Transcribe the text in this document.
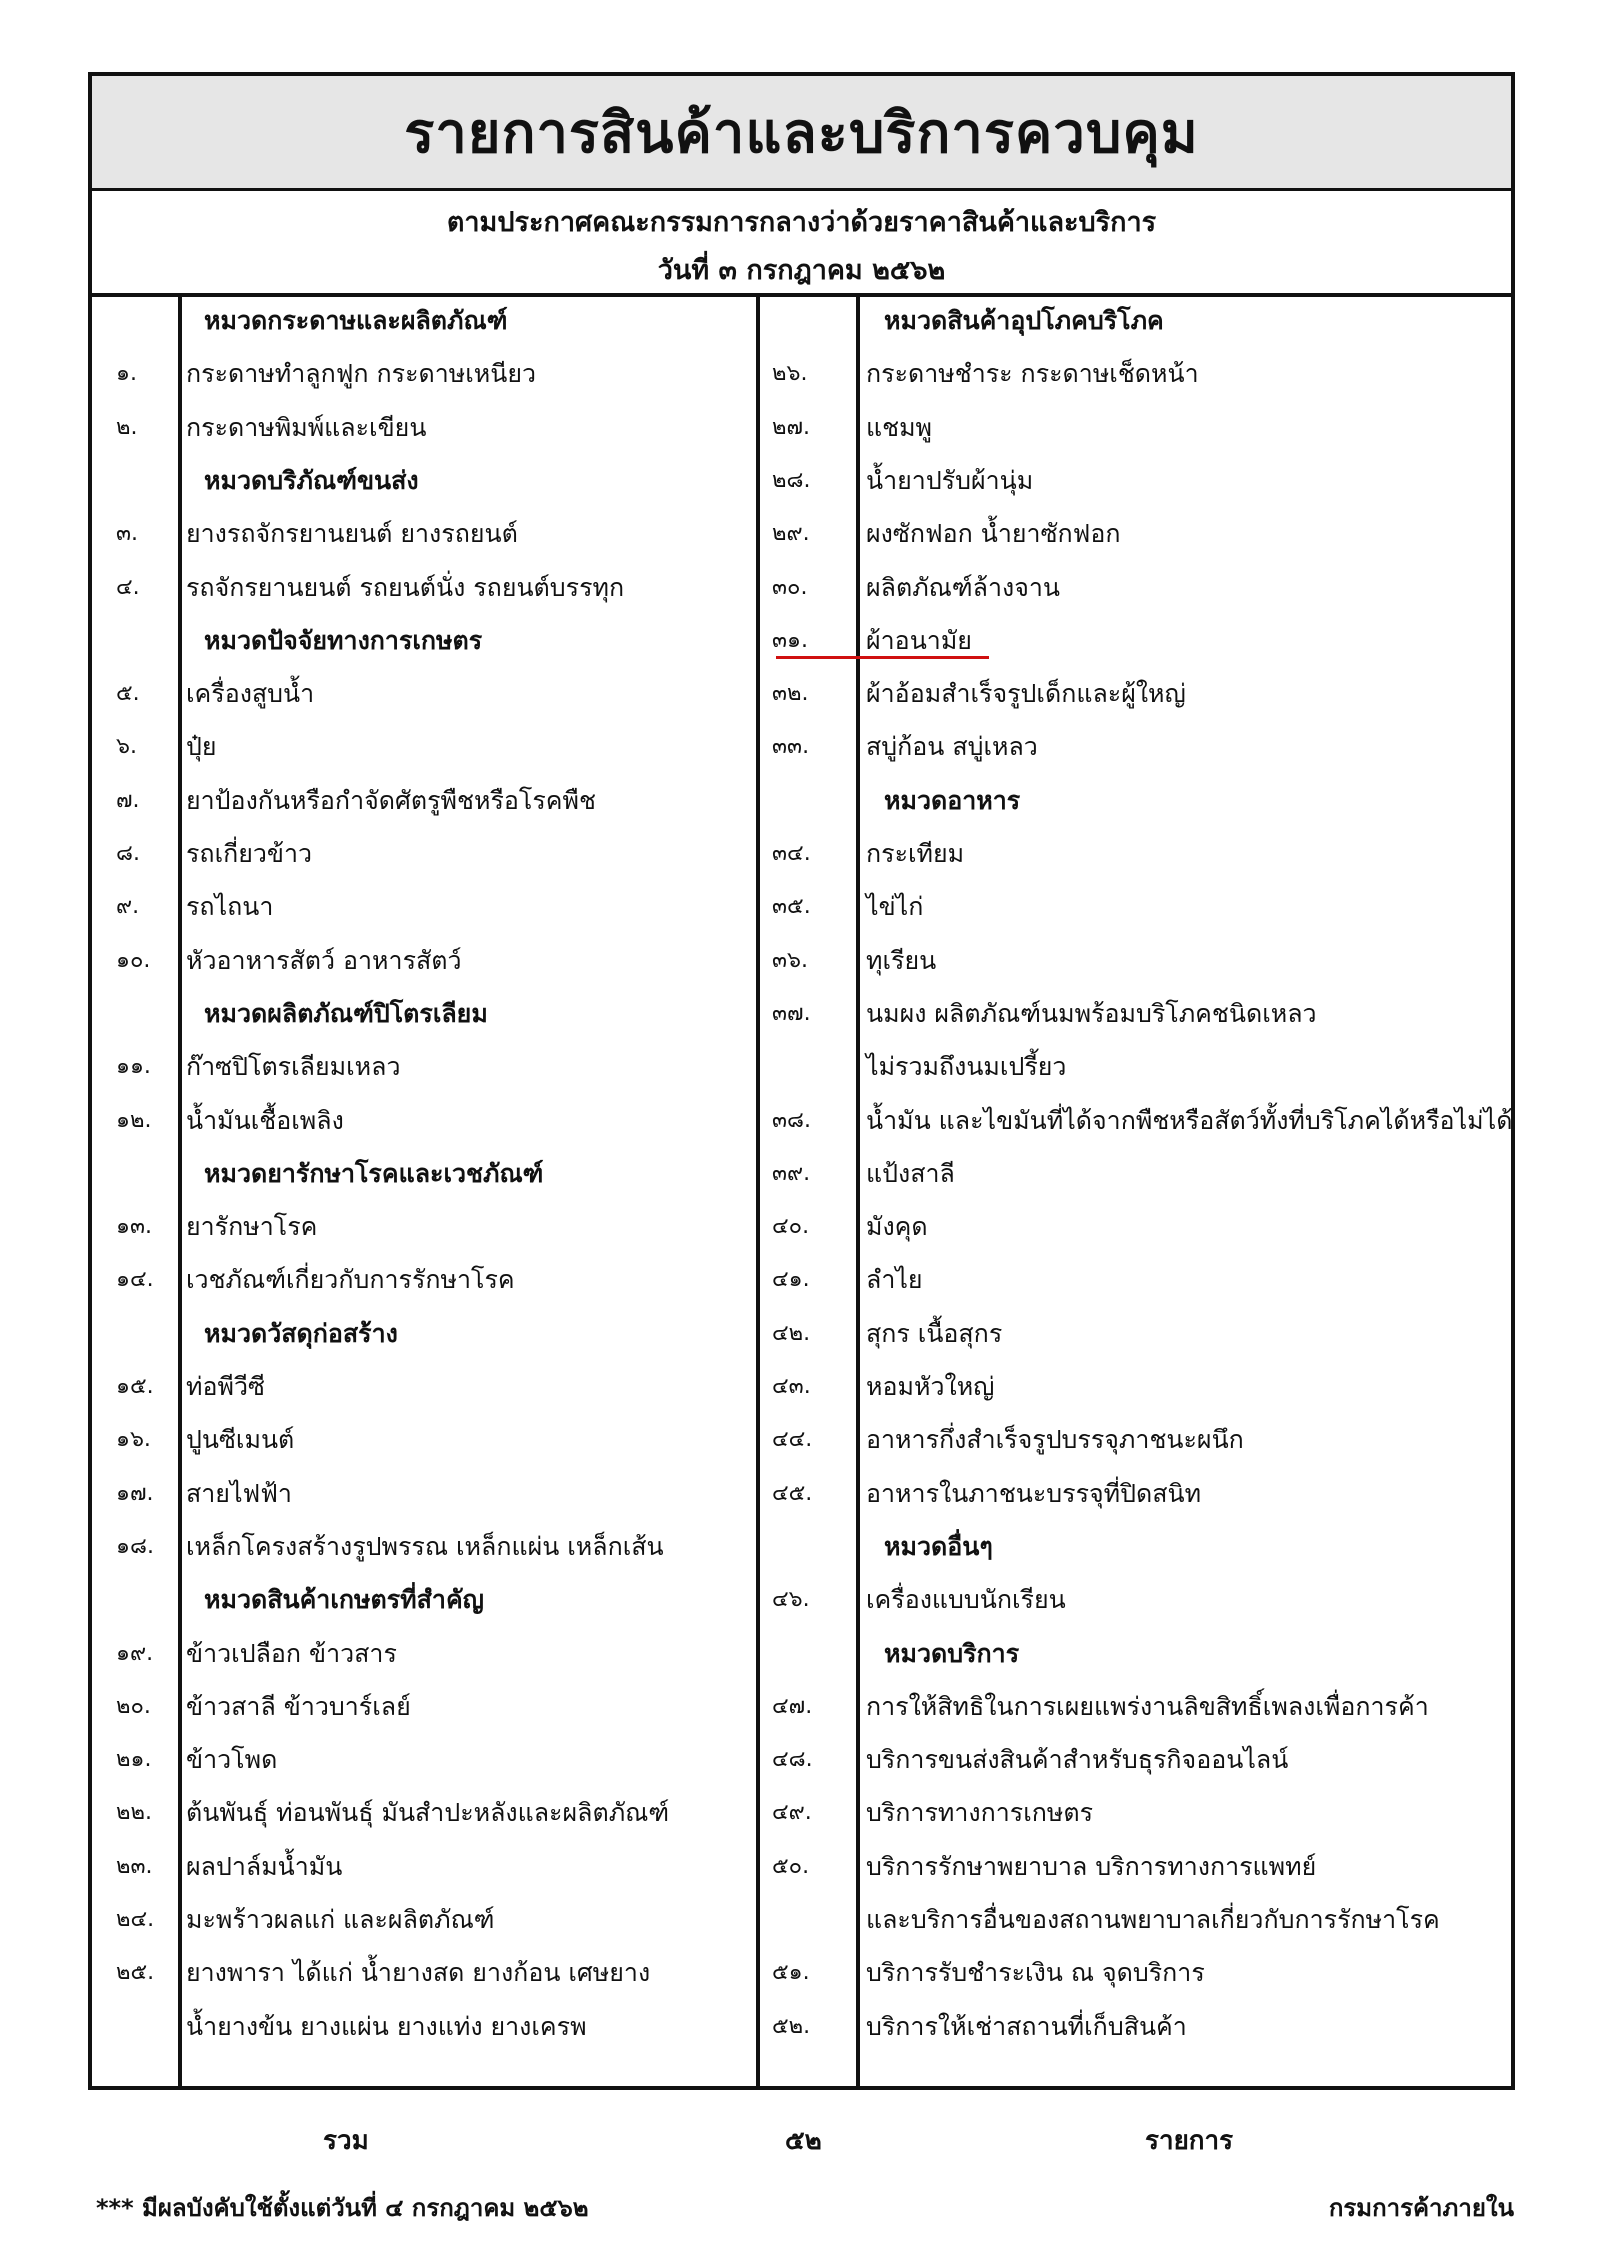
รายการสินค้าและบริการควบคุม
ตามประกาศคณะกรรมการกลางว่าด้วยราคาสินค้าและบริการ
วันที่ ๓ กรกฎาคม ๒๕๖๒
หมวดกระดาษและผลิตภัณฑ์
๑.	กระดาษทำลูกฟูก กระดาษเหนียว
๒.	กระดาษพิมพ์และเขียน
หมวดบริภัณฑ์ขนส่ง
๓.	ยางรถจักรยานยนต์ ยางรถยนต์
๔.	รถจักรยานยนต์ รถยนต์นั่ง รถยนต์บรรทุก
หมวดปัจจัยทางการเกษตร
๕.	เครื่องสูบน้ำ
๖.	ปุ๋ย
๗.	ยาป้องกันหรือกำจัดศัตรูพืชหรือโรคพืช
๘.	รถเกี่ยวข้าว
๙.	รถไถนา
๑๐.	หัวอาหารสัตว์ อาหารสัตว์
หมวดผลิตภัณฑ์ปิโตรเลียม
๑๑.	ก๊าซปิโตรเลียมเหลว
๑๒.	น้ำมันเชื้อเพลิง
หมวดยารักษาโรคและเวชภัณฑ์
๑๓.	ยารักษาโรค
๑๔.	เวชภัณฑ์เกี่ยวกับการรักษาโรค
หมวดวัสดุก่อสร้าง
๑๕.	ท่อพีวีซี
๑๖.	ปูนซีเมนต์
๑๗.	สายไฟฟ้า
๑๘.	เหล็กโครงสร้างรูปพรรณ เหล็กแผ่น เหล็กเส้น
หมวดสินค้าเกษตรที่สำคัญ
๑๙.	ข้าวเปลือก ข้าวสาร
๒๐.	ข้าวสาลี ข้าวบาร์เลย์
๒๑.	ข้าวโพด
๒๒.	ต้นพันธุ์ ท่อนพันธุ์ มันสำปะหลังและผลิตภัณฑ์
๒๓.	ผลปาล์มน้ำมัน
๒๔.	มะพร้าวผลแก่ และผลิตภัณฑ์
๒๕.	ยางพารา ได้แก่ น้ำยางสด ยางก้อน เศษยาง
น้ำยางข้น ยางแผ่น ยางแท่ง ยางเครพ
หมวดสินค้าอุปโภคบริโภค
๒๖.	กระดาษชำระ กระดาษเช็ดหน้า
๒๗.	แชมพู
๒๘.	น้ำยาปรับผ้านุ่ม
๒๙.	ผงซักฟอก น้ำยาซักฟอก
๓๐.	ผลิตภัณฑ์ล้างจาน
๓๑.	ผ้าอนามัย
๓๒.	ผ้าอ้อมสำเร็จรูปเด็กและผู้ใหญ่
๓๓.	สบู่ก้อน สบู่เหลว
หมวดอาหาร
๓๔.	กระเทียม
๓๕.	ไข่ไก่
๓๖.	ทุเรียน
๓๗.	นมผง ผลิตภัณฑ์นมพร้อมบริโภคชนิดเหลว
ไม่รวมถึงนมเปรี้ยว
๓๘.	น้ำมัน และไขมันที่ได้จากพืชหรือสัตว์ทั้งที่บริโภคได้หรือไม่ได้
๓๙.	แป้งสาลี
๔๐.	มังคุด
๔๑.	ลำไย
๔๒.	สุกร เนื้อสุกร
๔๓.	หอมหัวใหญ่
๔๔.	อาหารกึ่งสำเร็จรูปบรรจุภาชนะผนึก
๔๕.	อาหารในภาชนะบรรจุที่ปิดสนิท
หมวดอื่นๆ
๔๖.	เครื่องแบบนักเรียน
หมวดบริการ
๔๗.	การให้สิทธิในการเผยแพร่งานลิขสิทธิ์เพลงเพื่อการค้า
๔๘.	บริการขนส่งสินค้าสำหรับธุรกิจออนไลน์
๔๙.	บริการทางการเกษตร
๕๐.	บริการรักษาพยาบาล บริการทางการแพทย์
และบริการอื่นของสถานพยาบาลเกี่ยวกับการรักษาโรค
๕๑.	บริการรับชำระเงิน ณ จุดบริการ
๕๒.	บริการให้เช่าสถานที่เก็บสินค้า
รวม	๕๒	รายการ
*** มีผลบังคับใช้ตั้งแต่วันที่ ๔ กรกฎาคม ๒๕๖๒	กรมการค้าภายใน
